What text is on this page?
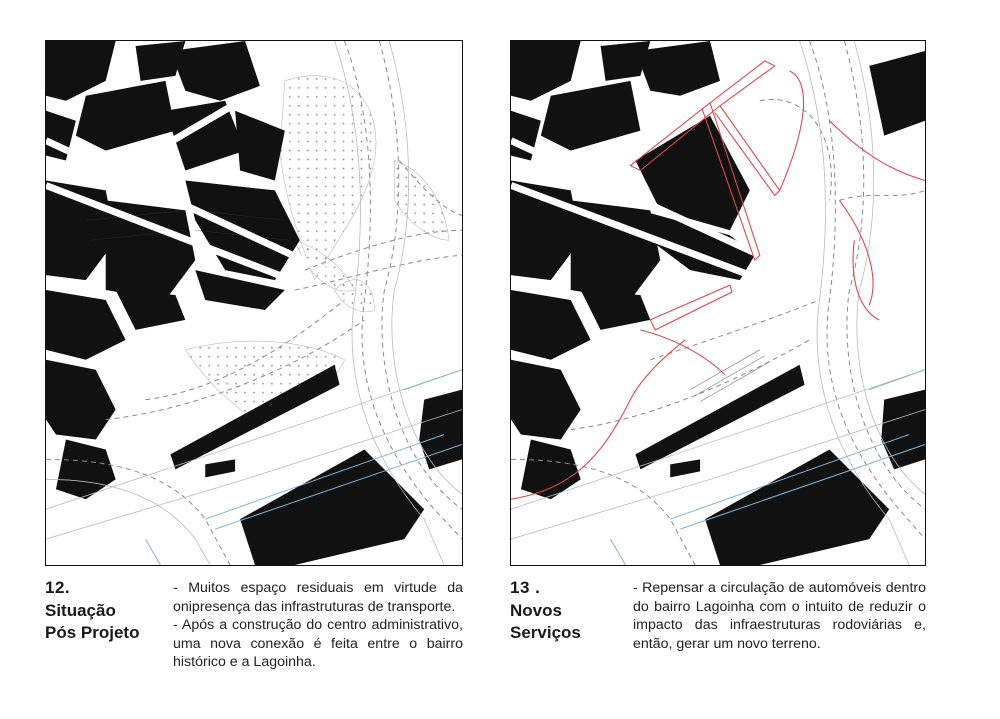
12.
Situação
Pós Projeto

- Muitos espaço residuais em virtude da onipresença das infrastruturas de transporte.

- Após a construção do centro administrativo, uma nova conexão é feita entre o bairro histórico e a Lagoinha.

13 .
Novos
Serviços

- Repensar a circulação de automóveis dentro do bairro Lagoinha com o intuito de reduzir o impacto das infraestruturas rodoviárias e, então, gerar um novo terreno.
